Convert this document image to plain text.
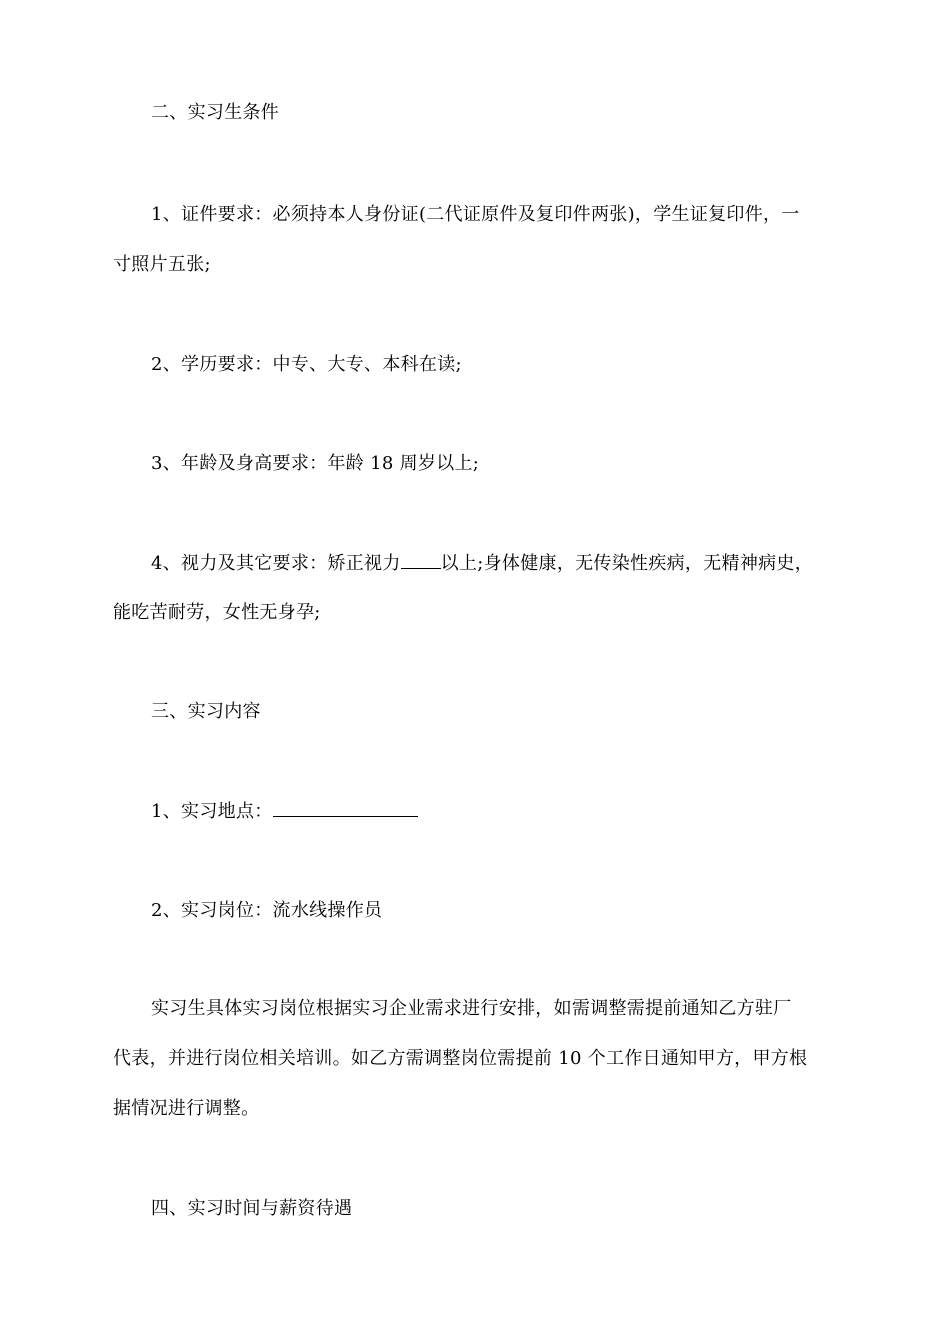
二、实习生条件
1、证件要求：必须持本人身份证(二代证原件及复印件两张)，学生证复印件，一
寸照片五张;
2、学历要求：中专、大专、本科在读;
3、年龄及身高要求：年龄 18 周岁以上;
4、视力及其它要求：矫正视力 以上;身体健康，无传染性疾病，无精神病史，
能吃苦耐劳，女性无身孕;
三、实习内容
1、实习地点：
2、实习岗位：流水线操作员
实习生具体实习岗位根据实习企业需求进行安排，如需调整需提前通知乙方驻厂
代表，并进行岗位相关培训。如乙方需调整岗位需提前 10 个工作日通知甲方，甲方根
据情况进行调整。
四、实习时间与薪资待遇
